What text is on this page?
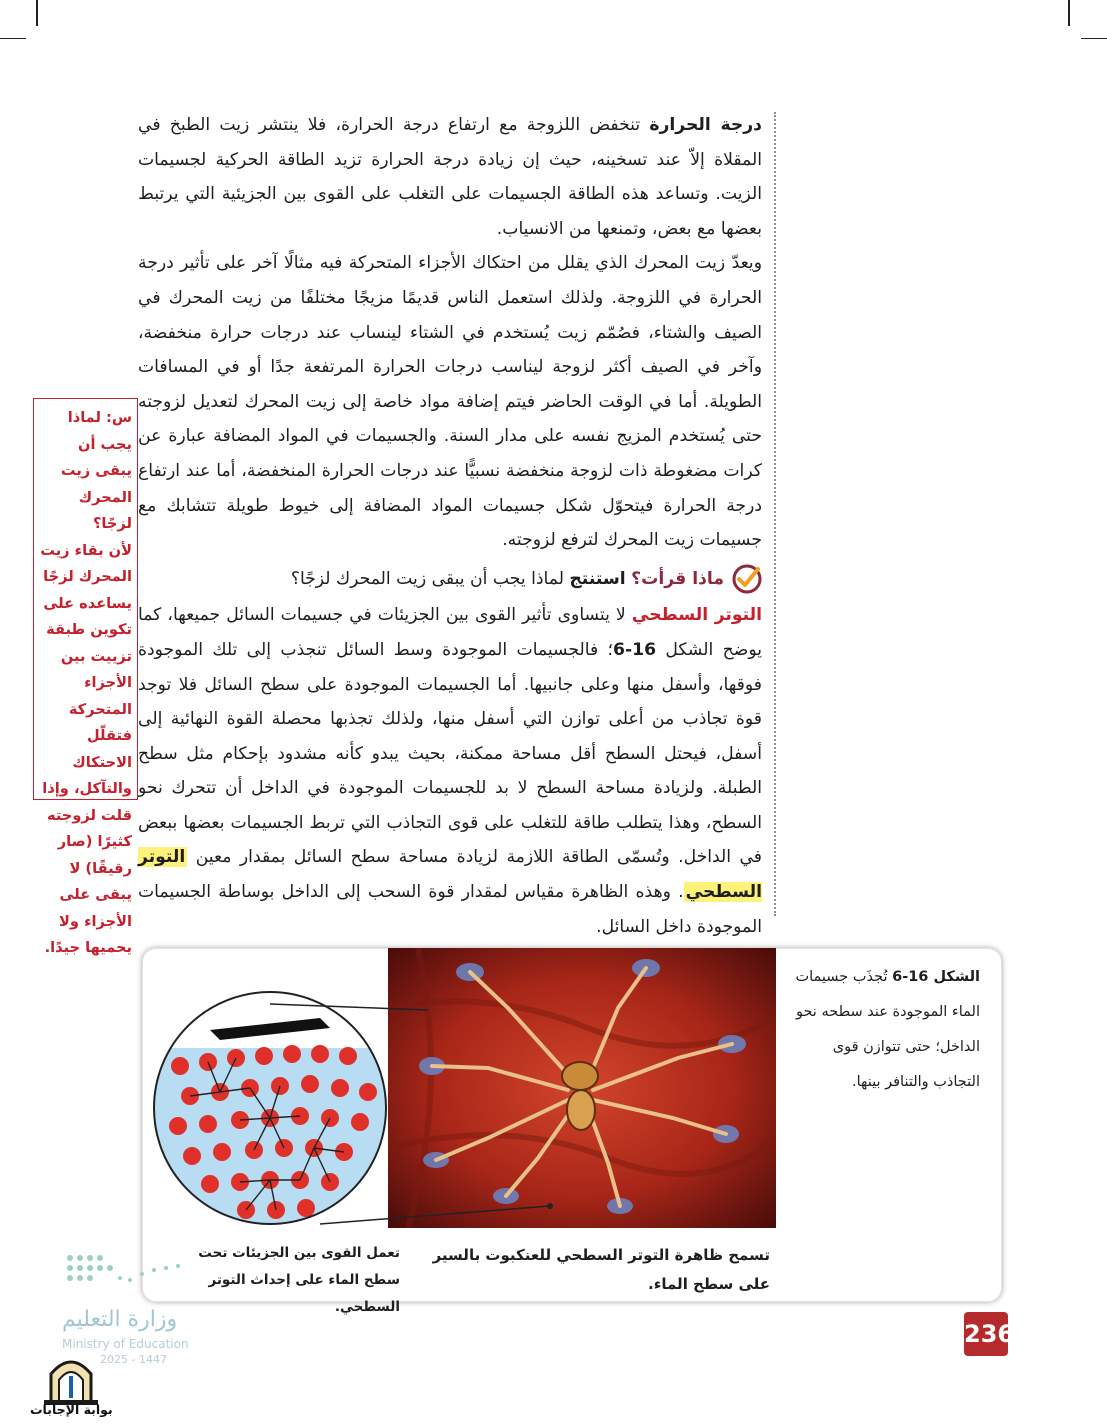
درجة الحرارة تنخفض اللزوجة مع ارتفاع درجة الحرارة، فلا ينتشر زيت الطبخ في المقلاة إلاّ عند تسخينه، حيث إن زيادة درجة الحرارة تزيد الطاقة الحركية لجسيمات الزيت. وتساعد هذه الطاقة الجسيمات على التغلب على القوى بين الجزيئية التي يرتبط بعضها مع بعض، وتمنعها من الانسياب.

ويعدّ زيت المحرك الذي يقلل من احتكاك الأجزاء المتحركة فيه مثالًا آخر على تأثير درجة الحرارة في اللزوجة. ولذلك استعمل الناس قديمًا مزيجًا مختلفًا من زيت المحرك في الصيف والشتاء، فصُمّم زيت يُستخدم في الشتاء لينساب عند درجات حرارة منخفضة، وآخر في الصيف أكثر لزوجة ليناسب درجات الحرارة المرتفعة جدًا أو في المسافات الطويلة. أما في الوقت الحاضر فيتم إضافة مواد خاصة إلى زيت المحرك لتعديل لزوجته حتى يُستخدم المزيج نفسه على مدار السنة. والجسيمات في المواد المضافة عبارة عن كرات مضغوطة ذات لزوجة منخفضة نسبيًّا عند درجات الحرارة المنخفضة، أما عند ارتفاع درجة الحرارة فيتحوّل شكل جسيمات المواد المضافة إلى خيوط طويلة تتشابك مع جسيمات زيت المحرك لترفع لزوجته.

ماذا قرأت؟ استنتج لماذا يجب أن يبقى زيت المحرك لزجًا؟

التوتر السطحي لا يتساوى تأثير القوى بين الجزيئات في جسيمات السائل جميعها، كما يوضح الشكل 16-6؛ فالجسيمات الموجودة وسط السائل تنجذب إلى تلك الموجودة فوقها، وأسفل منها وعلى جانبيها. أما الجسيمات الموجودة على سطح السائل فلا توجد قوة تجاذب من أعلى توازن التي أسفل منها، ولذلك تجذبها محصلة القوة النهائية إلى أسفل، فيحتل السطح أقل مساحة ممكنة، بحيث يبدو كأنه مشدود بإحكام مثل سطح الطبلة. ولزيادة مساحة السطح لا بد للجسيمات الموجودة في الداخل أن تتحرك نحو السطح، وهذا يتطلب طاقة للتغلب على قوى التجاذب التي تربط الجسيمات بعضها ببعض في الداخل. وتُسمّى الطاقة اللازمة لزيادة مساحة سطح السائل بمقدار معين التوتر السطحي. وهذه الظاهرة مقياس لمقدار قوة السحب إلى الداخل بوساطة الجسيمات الموجودة داخل السائل.

س: لماذا يجب أن يبقى زيت المحرك لزجًا؟
لأن بقاء زيت المحرك لزجًا يساعده على تكوين طبقة تزييت بين الأجزاء المتحركة فتقلّل الاحتكاك والتآكل، وإذا قلت لزوجته كثيرًا (صار رقيقًا) لا يبقى على الأجزاء ولا يحميها جيدًا.
الشكل 16-6 تُجذَب جسيمات الماء الموجودة عند سطحه نحو الداخل؛ حتى تتوازن قوى التجاذب والتنافر بينها.
تسمح ظاهرة التوتر السطحي للعنكبوت بالسير على سطح الماء.
تعمل القوى بين الجزيئات تحت سطح الماء على إحداث التوتر السطحي.
236
وزارة التعليم
Ministry of Education
2025 - 1447
بوابة الإجابات
